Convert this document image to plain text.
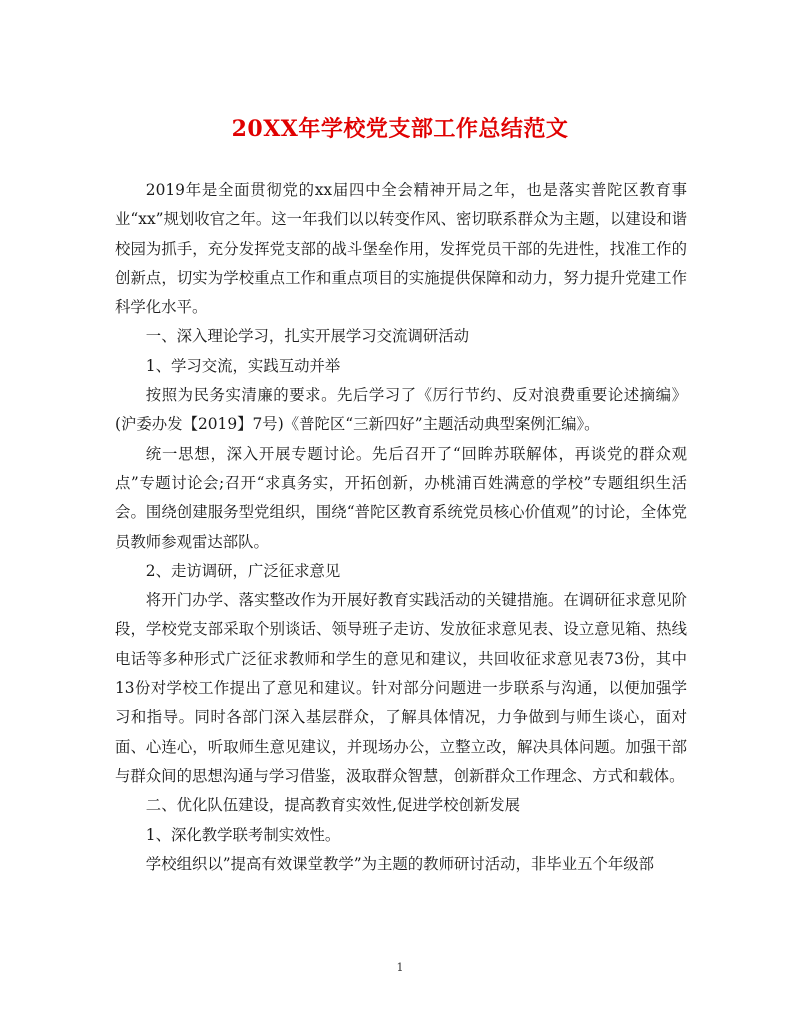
20XX年学校党支部工作总结范文

2019年是全面贯彻党的xx届四中全会精神开局之年，也是落实普陀区教育事业“xx”规划收官之年。这一年我们以以转变作风、密切联系群众为主题，以建设和谐校园为抓手，充分发挥党支部的战斗堡垒作用，发挥党员干部的先进性，找准工作的创新点，切实为学校重点工作和重点项目的实施提供保障和动力，努力提升党建工作科学化水平。

一、深入理论学习，扎实开展学习交流调研活动

1、学习交流，实践互动并举

按照为民务实清廉的要求。先后学习了《厉行节约、反对浪费重要论述摘编》(沪委办发【2019】7号)《普陀区“三新四好”主题活动典型案例汇编》。

统一思想，深入开展专题讨论。先后召开了“回眸苏联解体，再谈党的群众观点”专题讨论会;召开“求真务实，开拓创新，办桃浦百姓满意的学校”专题组织生活会。围绕创建服务型党组织，围绕“普陀区教育系统党员核心价值观”的讨论，全体党员教师参观雷达部队。

2、走访调研，广泛征求意见

将开门办学、落实整改作为开展好教育实践活动的关键措施。在调研征求意见阶段，学校党支部采取个别谈话、领导班子走访、发放征求意见表、设立意见箱、热线电话等多种形式广泛征求教师和学生的意见和建议，共回收征求意见表73份，其中13份对学校工作提出了意见和建议。针对部分问题进一步联系与沟通，以便加强学习和指导。同时各部门深入基层群众，了解具体情况，力争做到与师生谈心，面对面、心连心，听取师生意见建议，并现场办公，立整立改，解决具体问题。加强干部与群众间的思想沟通与学习借鉴，汲取群众智慧，创新群众工作理念、方式和载体。

二、优化队伍建设，提高教育实效性,促进学校创新发展

1、深化教学联考制实效性。

学校组织以”提高有效课堂教学”为主题的教师研讨活动，非毕业五个年级部

1
